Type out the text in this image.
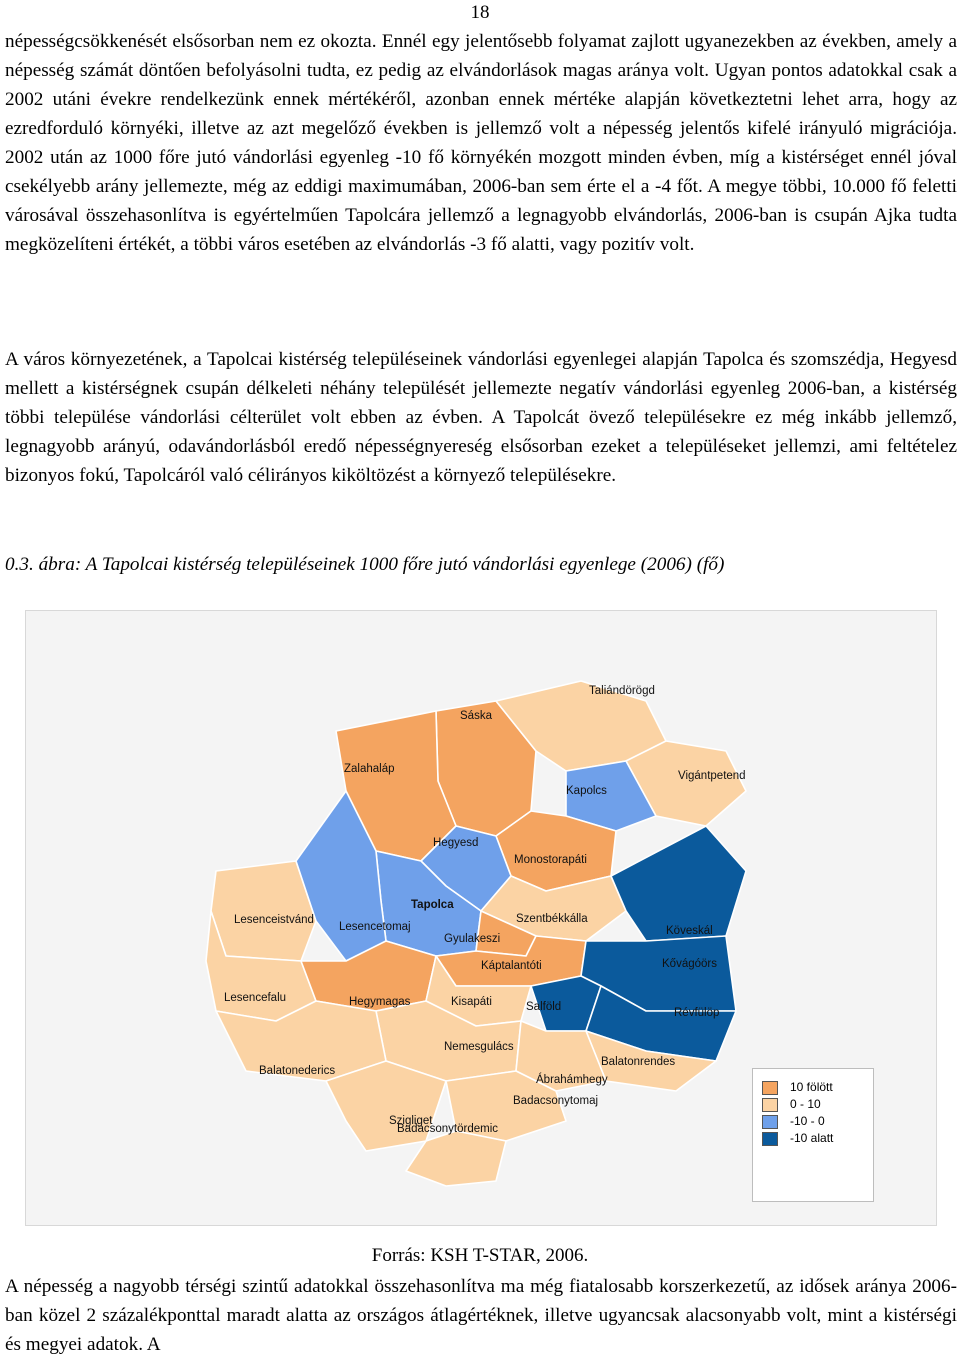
18
népességcsökkenését elsősorban nem ez okozta. Ennél egy jelentősebb folyamat zajlott ugyanezekben az években, amely a népesség számát döntően befolyásolni tudta, ez pedig az elvándorlások magas aránya volt. Ugyan pontos adatokkal csak a 2002 utáni évekre rendelkezünk ennek mértékéről, azonban ennek mértéke alapján következtetni lehet arra, hogy az ezredforduló környéki, illetve az azt megelőző években is jellemző volt a népesség jelentős kifelé irányuló migrációja. 2002 után az 1000 főre jutó vándorlási egyenleg -10 fő környékén mozgott minden évben, míg a kistérséget ennél jóval csekélyebb arány jellemezte, még az eddigi maximumában, 2006-ban sem érte el a -4 főt. A megye többi, 10.000 fő feletti városával összehasonlítva is egyértelműen Tapolcára jellemző a legnagyobb elvándorlás, 2006-ban is csupán Ajka tudta megközelíteni értékét, a többi város esetében az elvándorlás -3 fő alatti, vagy pozitív volt.
A város környezetének, a Tapolcai kistérség településeinek vándorlási egyenlegei alapján Tapolca és szomszédja, Hegyesd mellett a kistérségnek csupán délkeleti néhány települését jellemezte negatív vándorlási egyenleg 2006-ban, a kistérség többi települése vándorlási célterület volt ebben az évben. A Tapolcát övező településekre ez még inkább jellemző, legnagyobb arányú, odavándorlásból eredő népességnyereség elsősorban ezeket a településeket jellemzi, ami feltételez bizonyos fokú, Tapolcáról való célirányos kiköltözést a környező településekre.
0.3. ábra: A Tapolcai kistérség településeinek 1000 főre jutó vándorlási egyenlege (2006) (fő)
Sáska
Taliándörögd
Zalahaláp
Vigántpetend
Kapolcs
Monostorapáti
Hegyesd
Tapolca
Szentbékkálla
Köveskál
Lesenceistvánd
Lesencetomaj
Gyulakeszi
Káptalantóti	Kővágóörs
Lesencefalu	Hegymagas	Kisapáti	Salföld	Révfülöp
Nemesgulács
Balatonederics
Balatonrendes
Ábrahámhegy
Szigliget
Badacsonytomaj
Badacsonytördemic
10 fölött
0 - 10
-10 - 0
-10 alatt
Forrás: KSH T-STAR, 2006.
A népesség a nagyobb térségi szintű adatokkal összehasonlítva ma még fiatalosabb korszerkezetű, az idősek aránya 2006-ban közel 2 százalékponttal maradt alatta az országos átlagértéknek, illetve ugyancsak alacsonyabb volt, mint a kistérségi és megyei adatok. A
